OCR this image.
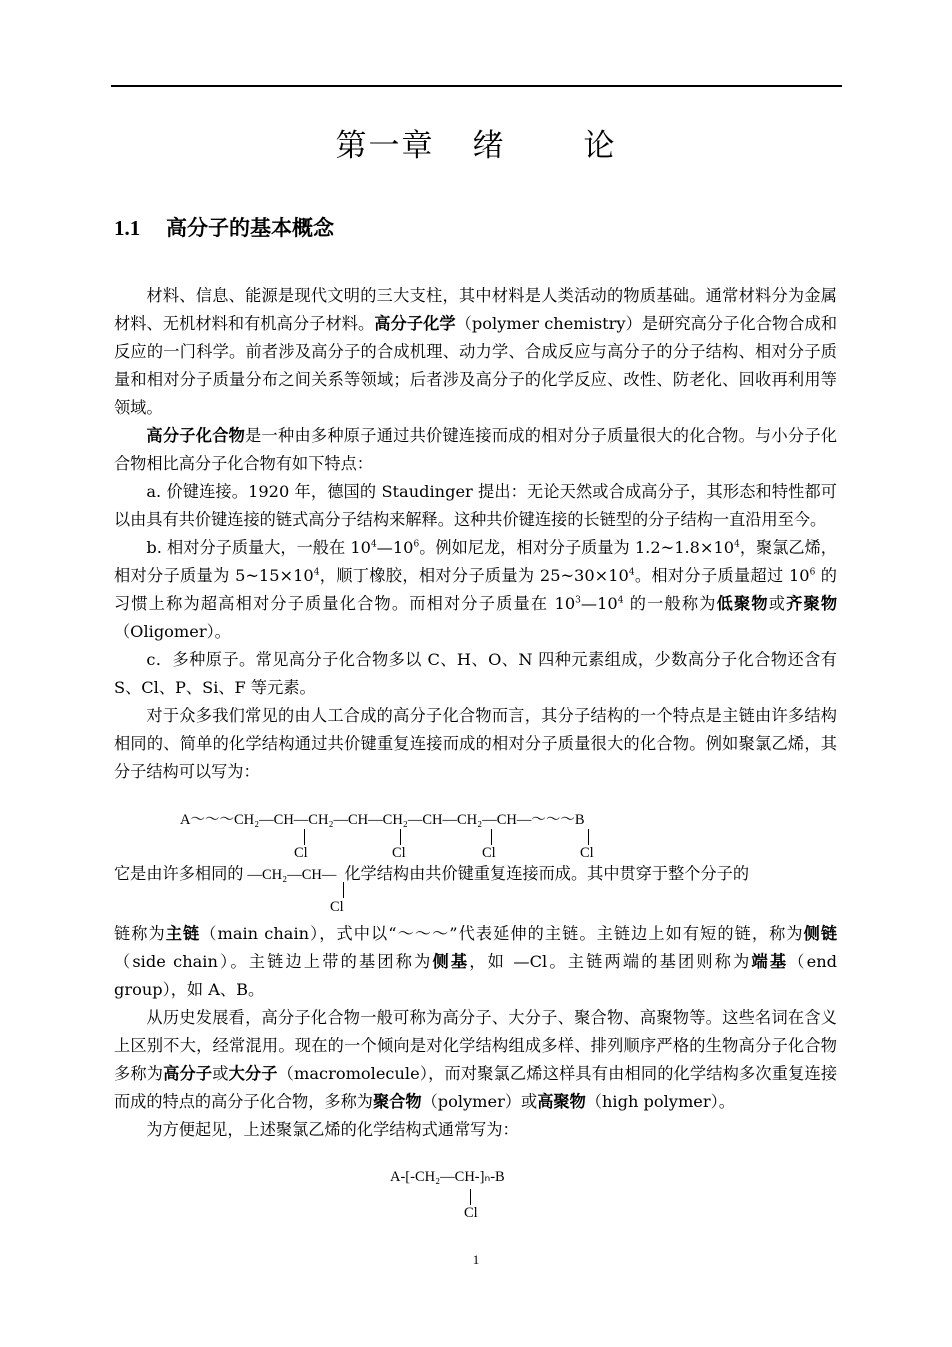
第一章 绪	论
1.1 高分子的基本概念

材料、信息、能源是现代文明的三大支柱，其中材料是人类活动的物质基础。通常材料分为金属材料、无机材料和有机高分子材料。高分子化学（polymer chemistry）是研究高分子化合物合成和反应的一门科学。前者涉及高分子的合成机理、动力学、合成反应与高分子的分子结构、相对分子质量和相对分子质量分布之间关系等领域；后者涉及高分子的化学反应、改性、防老化、回收再利用等领域。

高分子化合物是一种由多种原子通过共价键连接而成的相对分子质量很大的化合物。与小分子化合物相比高分子化合物有如下特点：

a. 价键连接。1920 年，德国的 Staudinger 提出：无论天然或合成高分子，其形态和特性都可以由具有共价键连接的链式高分子结构来解释。这种共价键连接的长链型的分子结构一直沿用至今。

b. 相对分子质量大，一般在 $10^4—10^6$。例如尼龙，相对分子质量为 $1.2\sim 1.8\times 10^4$，聚氯乙烯，相对分子质量为 $5\sim 15\times 10^4$，顺丁橡胶，相对分子质量为 $25\sim 30\times 10^4$。相对分子质量超过 $10^6$ 的习惯上称为超高相对分子质量化合物。而相对分子质量在 $10^3—10^4$ 的一般称为低聚物或齐聚物（Oligomer）。

c．多种原子。常见高分子化合物多以 C、H、O、N 四种元素组成，少数高分子化合物还含有 S、Cl、P、Si、F 等元素。

对于众多我们常见的由人工合成的高分子化合物而言，其分子结构的一个特点是主链由许多结构相同的、简单的化学结构通过共价键重复连接而成的相对分子质量很大的化合物。例如聚氯乙烯，其分子结构可以写为：

A～～～CH₂—CH—CH₂—CH—CH₂—CH—CH₂—CH—～～～B
Cl	Cl	Cl	Cl
它是由许多相同的 —CH₂—CH— 化学结构由共价键重复连接而成。其中贯穿于整个分子的
Cl

链称为主链（main chain），式中以“～～～”代表延伸的主链。主链边上如有短的链，称为侧链（side chain）。主链边上带的基团称为侧基，如 —Cl。主链两端的基团则称为端基（end group），如 A、B。

从历史发展看，高分子化合物一般可称为高分子、大分子、聚合物、高聚物等。这些名词在含义上区别不大，经常混用。现在的一个倾向是对化学结构组成多样、排列顺序严格的生物高分子化合物多称为高分子或大分子（macromolecule），而对聚氯乙烯这样具有由相同的化学结构多次重复连接而成的特点的高分子化合物，多称为聚合物（polymer）或高聚物（high polymer）。

为方便起见，上述聚氯乙烯的化学结构式通常写为：

A-[-CH₂—CH-]ₙ-B
Cl
1
